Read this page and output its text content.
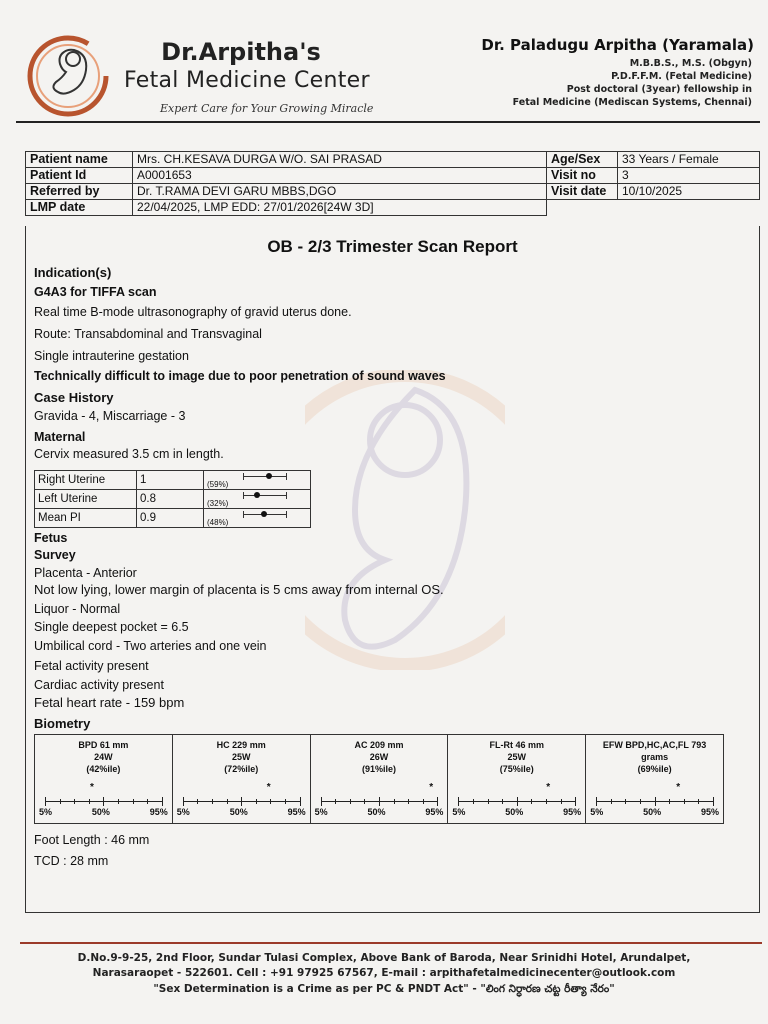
Dr.Arpitha's
Fetal Medicine Center
Expert Care for Your Growing Miracle
Dr. Paladugu Arpitha (Yaramala)
M.B.B.S., M.S. (Obgyn)
P.D.F.F.M. (Fetal Medicine)
Post doctoral (3year) fellowship in
Fetal Medicine (Mediscan Systems, Chennai)
Patient name	Mrs. CH.KESAVA DURGA W/O. SAI PRASAD	Age/Sex	33 Years / Female
Patient Id	A0001653	Visit no	3
Referred by	Dr. T.RAMA DEVI GARU MBBS,DGO	Visit date	10/10/2025
LMP date	22/04/2025, LMP EDD: 27/01/2026[24W 3D]		
OB - 2/3 Trimester Scan Report
Indication(s)
G4A3 for TIFFA scan
Real time B-mode ultrasonography of gravid uterus done.
Route: Transabdominal and Transvaginal
Single intrauterine gestation
Technically difficult to image due to poor penetration of sound waves
Case History
Gravida - 4, Miscarriage - 3
Maternal
Cervix measured 3.5 cm in length.
Right Uterine	1	(59%)
Left Uterine	0.8	(32%)
Mean PI	0.9	(48%)
Fetus
Survey
Placenta - Anterior
Not low lying, lower margin of placenta is 5 cms away from internal OS.
Liquor - Normal
Single deepest pocket = 6.5
Umbilical cord - Two arteries and one vein
Fetal activity present
Cardiac activity present
Fetal heart rate - 159 bpm
Biometry
BPD 61 mm
24W
(42%ile)
*
5%	50%	95%
HC 229 mm
25W
(72%ile)
*
5%	50%	95%
AC 209 mm
26W
(91%ile)
*
5%	50%	95%
FL-Rt 46 mm
25W
(75%ile)
*
5%	50%	95%
EFW BPD,HC,AC,FL 793
grams
(69%ile)
*
5%	50%	95%
Foot Length : 46 mm
TCD : 28 mm
D.No.9-9-25, 2nd Floor, Sundar Tulasi Complex, Above Bank of Baroda, Near Srinidhi Hotel, Arundalpet,
Narasaraopet - 522601. Cell : +91 97925 67567, E-mail : arpithafetalmedicinecenter@outlook.com
"Sex Determination is a Crime as per PC & PNDT Act" - "లింగ నిర్ధారణ చట్ట రీత్యా నేరం"
